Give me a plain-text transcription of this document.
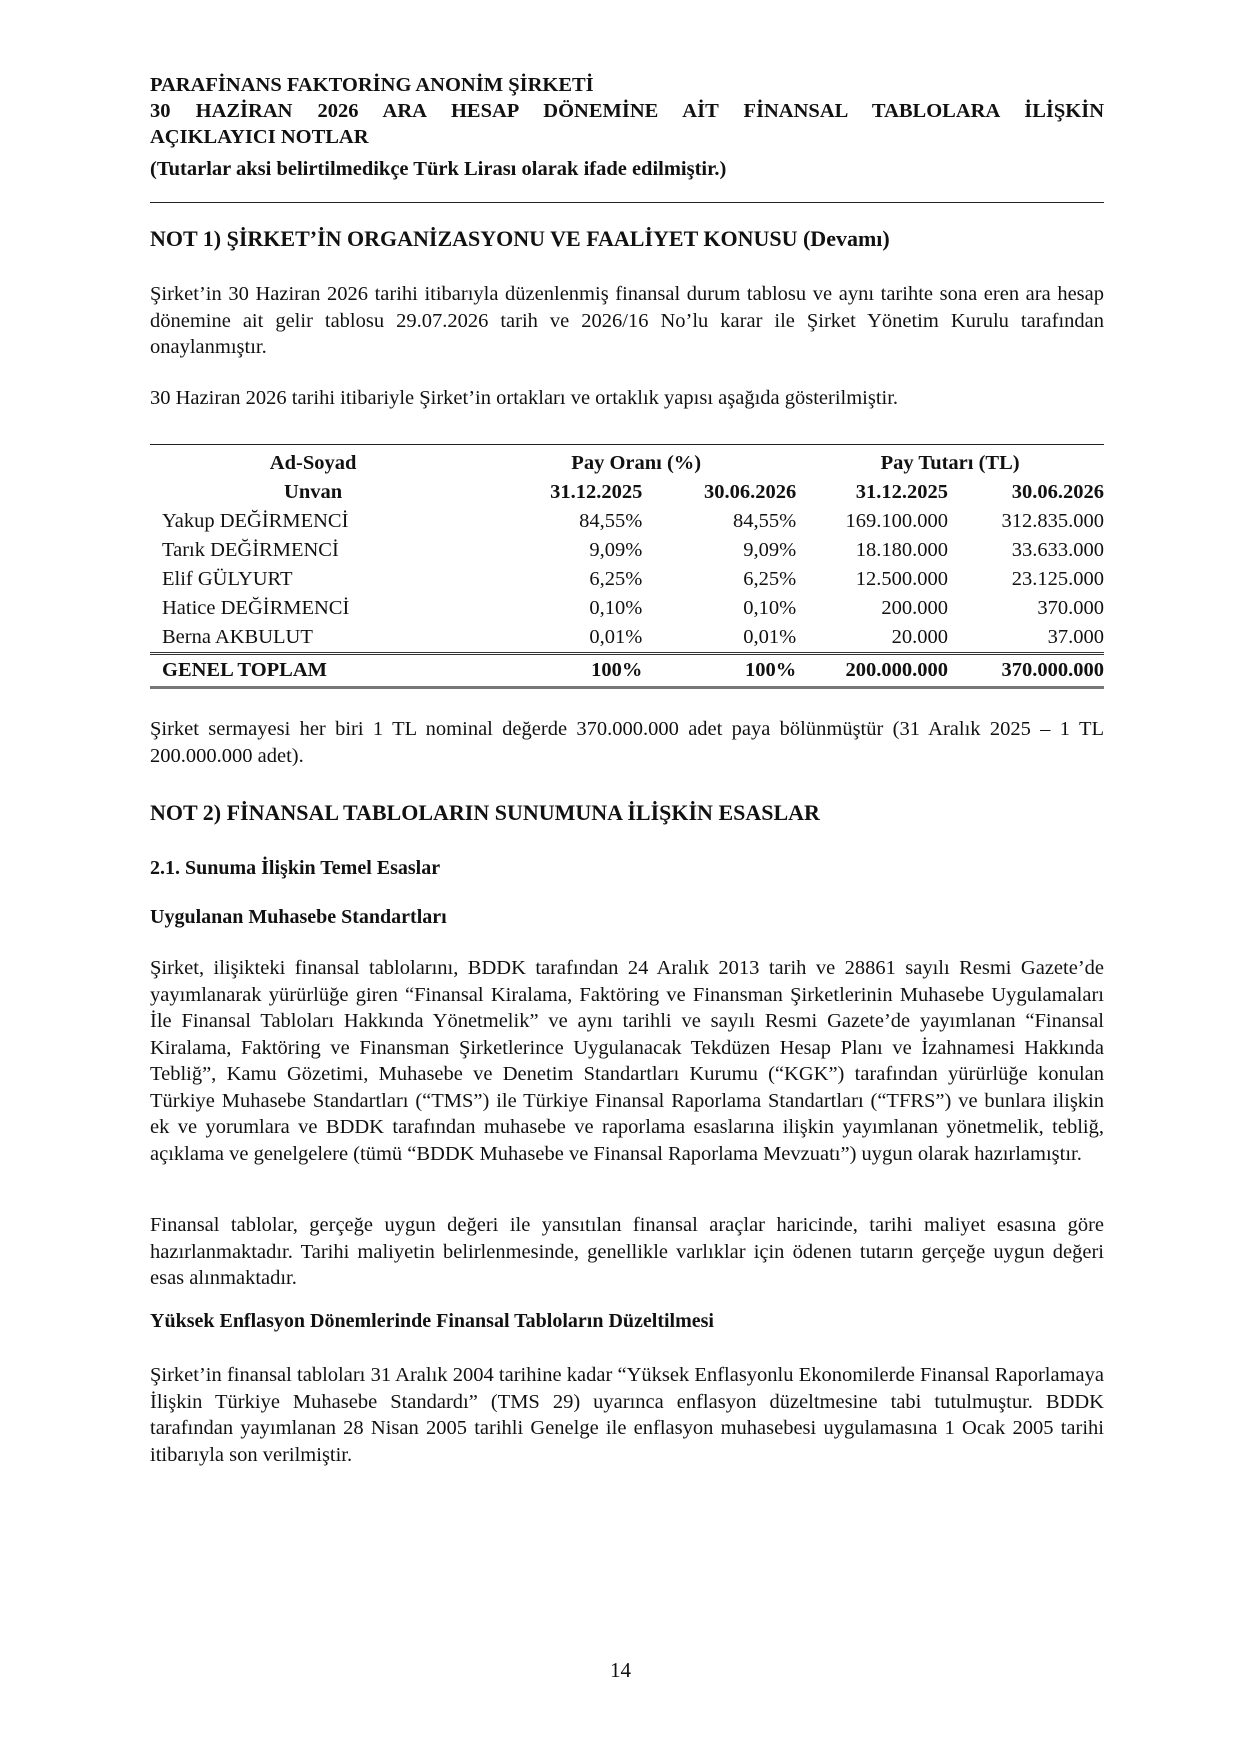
PARAFİNANS FAKTORİNG ANONİM ŞİRKETİ
30 HAZİRAN 2026 ARA HESAP DÖNEMİNE AİT FİNANSAL TABLOLARA İLİŞKİN
AÇIKLAYICI NOTLAR
(Tutarlar aksi belirtilmedikçe Türk Lirası olarak ifade edilmiştir.)
NOT 1) ŞİRKET’İN ORGANİZASYONU VE FAALİYET KONUSU (Devamı)
Şirket’in 30 Haziran 2026 tarihi itibarıyla düzenlenmiş finansal durum tablosu ve aynı tarihte sona eren ara hesap dönemine ait gelir tablosu 29.07.2026 tarih ve 2026/16 No’lu karar ile Şirket Yönetim Kurulu tarafından onaylanmıştır.
30 Haziran 2026 tarihi itibariyle Şirket’in ortakları ve ortaklık yapısı aşağıda gösterilmiştir.
Ad-Soyad	Pay Oranı (%)		Pay Tutarı (TL)	
Unvan	31.12.2025	30.06.2026	31.12.2025	30.06.2026
Yakup DEĞİRMENCİ	84,55%	84,55%	169.100.000	312.835.000
Tarık DEĞİRMENCİ	9,09%	9,09%	18.180.000	33.633.000
Elif GÜLYURT	6,25%	6,25%	12.500.000	23.125.000
Hatice DEĞİRMENCİ	0,10%	0,10%	200.000	370.000
Berna AKBULUT	0,01%	0,01%	20.000	37.000
GENEL TOPLAM	100%	100%	200.000.000	370.000.000
Şirket sermayesi her biri 1 TL nominal değerde 370.000.000 adet paya bölünmüştür (31 Aralık 2025 – 1 TL 200.000.000 adet).
NOT 2) FİNANSAL TABLOLARIN SUNUMUNA İLİŞKİN ESASLAR
2.1. Sunuma İlişkin Temel Esaslar
Uygulanan Muhasebe Standartları
Şirket, ilişikteki finansal tablolarını, BDDK tarafından 24 Aralık 2013 tarih ve 28861 sayılı Resmi Gazete’de yayımlanarak yürürlüğe giren “Finansal Kiralama, Faktöring ve Finansman Şirketlerinin Muhasebe Uygulamaları İle Finansal Tabloları Hakkında Yönetmelik” ve aynı tarihli ve sayılı Resmi Gazete’de yayımlanan “Finansal Kiralama, Faktöring ve Finansman Şirketlerince Uygulanacak Tekdüzen Hesap Planı ve İzahnamesi Hakkında Tebliğ”, Kamu Gözetimi, Muhasebe ve Denetim Standartları Kurumu (“KGK”) tarafından yürürlüğe konulan Türkiye Muhasebe Standartları (“TMS”) ile Türkiye Finansal Raporlama Standartları (“TFRS”) ve bunlara ilişkin ek ve yorumlara ve BDDK tarafından muhasebe ve raporlama esaslarına ilişkin yayımlanan yönetmelik, tebliğ, açıklama ve genelgelere (tümü “BDDK Muhasebe ve Finansal Raporlama Mevzuatı”) uygun olarak hazırlamıştır.
Finansal tablolar, gerçeğe uygun değeri ile yansıtılan finansal araçlar haricinde, tarihi maliyet esasına göre hazırlanmaktadır. Tarihi maliyetin belirlenmesinde, genellikle varlıklar için ödenen tutarın gerçeğe uygun değeri esas alınmaktadır.
Yüksek Enflasyon Dönemlerinde Finansal Tabloların Düzeltilmesi
Şirket’in finansal tabloları 31 Aralık 2004 tarihine kadar “Yüksek Enflasyonlu Ekonomilerde Finansal Raporlamaya İlişkin Türkiye Muhasebe Standardı” (TMS 29) uyarınca enflasyon düzeltmesine tabi tutulmuştur. BDDK tarafından yayımlanan 28 Nisan 2005 tarihli Genelge ile enflasyon muhasebesi uygulamasına 1 Ocak 2005 tarihi itibarıyla son verilmiştir.
14
